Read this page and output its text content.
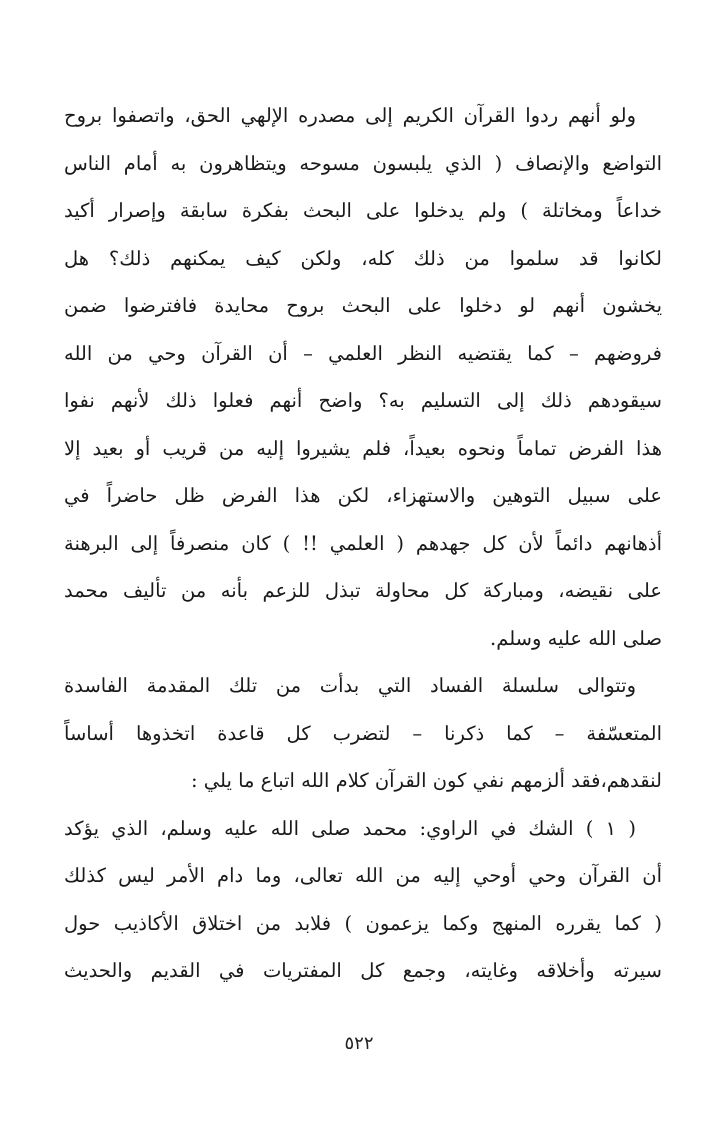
ولو أنهم ردوا القرآن الكريم إلى مصدره الإلهي الحق، واتصفوا بروح
التواضع والإنصاف ( الذي يلبسون مسوحه ويتظاهرون به أمام الناس
خداعاً ومخاتلة ) ولم يدخلوا على البحث بفكرة سابقة وإصرار أكيد
لكانوا قد سلموا من ذلك كله، ولكن كيف يمكنهم ذلك؟ هل
يخشون أنهم لو دخلوا على البحث بروح محايدة فافترضوا ضمن
فروضهم – كما يقتضيه النظر العلمي – أن القرآن وحي من الله
سيقودهم ذلك إلى التسليم به؟ واضح أنهم فعلوا ذلك لأنهم نفوا
هذا الفرض تماماً ونحوه بعيداً، فلم يشيروا إليه من قريب أو بعيد إلا
على سبيل التوهين والاستهزاء، لكن هذا الفرض ظل حاضراً في
أذهانهم دائماً لأن كل جهدهم ( العلمي !! ) كان منصرفاً إلى البرهنة
على نقيضه، ومباركة كل محاولة تبذل للزعم بأنه من تأليف محمد
صلى الله عليه وسلم.
وتتوالى سلسلة الفساد التي بدأت من تلك المقدمة الفاسدة
المتعسّفة – كما ذكرنا – لتضرب كل قاعدة اتخذوها أساساً
لنقدهم،فقد ألزمهم نفي كون القرآن كلام الله اتباع ما يلي :
( ١ ) الشك في الراوي: محمد صلى الله عليه وسلم، الذي يؤكد
أن القرآن وحي أوحي إليه من الله تعالى، وما دام الأمر ليس كذلك
( كما يقرره المنهج وكما يزعمون ) فلابد من اختلاق الأكاذيب حول
سيرته وأخلاقه وغايته، وجمع كل المفتريات في القديم والحديث
٥٢٢
